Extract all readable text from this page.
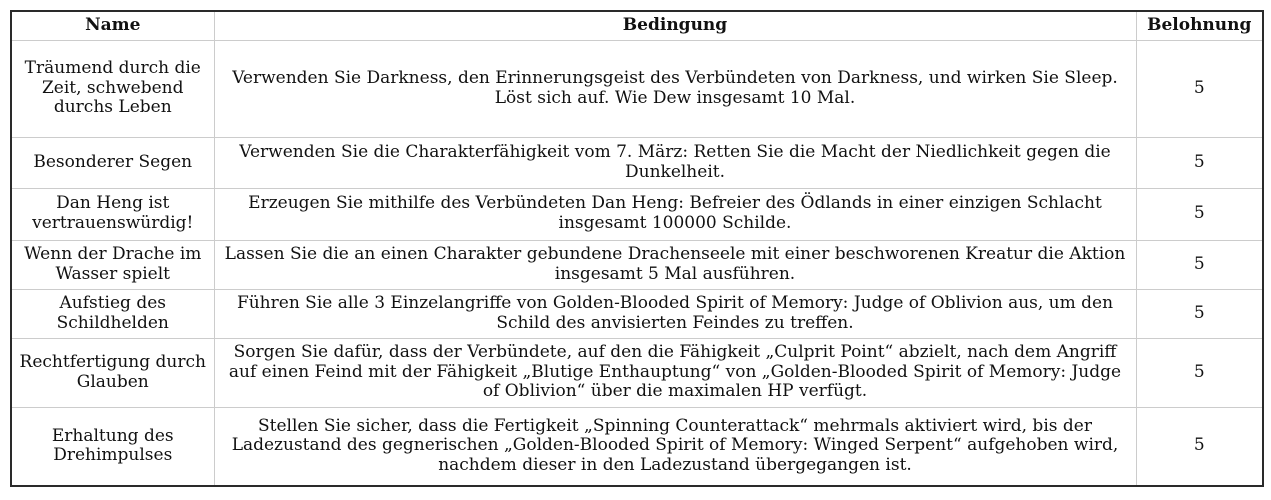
Name	Bedingung	Belohnung
Träumend durch die Zeit, schwebend durchs Leben	Verwenden Sie Darkness, den Erinnerungsgeist des Verbündeten von Darkness, und wirken Sie Sleep. Löst sich auf. Wie Dew insgesamt 10 Mal.	5
Besonderer Segen	Verwenden Sie die Charakterfähigkeit vom 7. März: Retten Sie die Macht der Niedlichkeit gegen die Dunkelheit.	5
Dan Heng ist vertrauenswürdig!	Erzeugen Sie mithilfe des Verbündeten Dan Heng: Befreier des Ödlands in einer einzigen Schlacht insgesamt 100000 Schilde.	5
Wenn der Drache im Wasser spielt	Lassen Sie die an einen Charakter gebundene Drachenseele mit einer beschworenen Kreatur die Aktion insgesamt 5 Mal ausführen.	5
Aufstieg des Schildhelden	Führen Sie alle 3 Einzelangriffe von Golden-Blooded Spirit of Memory: Judge of Oblivion aus, um den Schild des anvisierten Feindes zu treffen.	5
Rechtfertigung durch Glauben	Sorgen Sie dafür, dass der Verbündete, auf den die Fähigkeit „Culprit Point“ abzielt, nach dem Angriff auf einen Feind mit der Fähigkeit „Blutige Enthauptung“ von „Golden-Blooded Spirit of Memory: Judge of Oblivion“ über die maximalen HP verfügt.	5
Erhaltung des Drehimpulses	Stellen Sie sicher, dass die Fertigkeit „Spinning Counterattack“ mehrmals aktiviert wird, bis der Ladezustand des gegnerischen „Golden-Blooded Spirit of Memory: Winged Serpent“ aufgehoben wird, nachdem dieser in den Ladezustand übergegangen ist.	5
